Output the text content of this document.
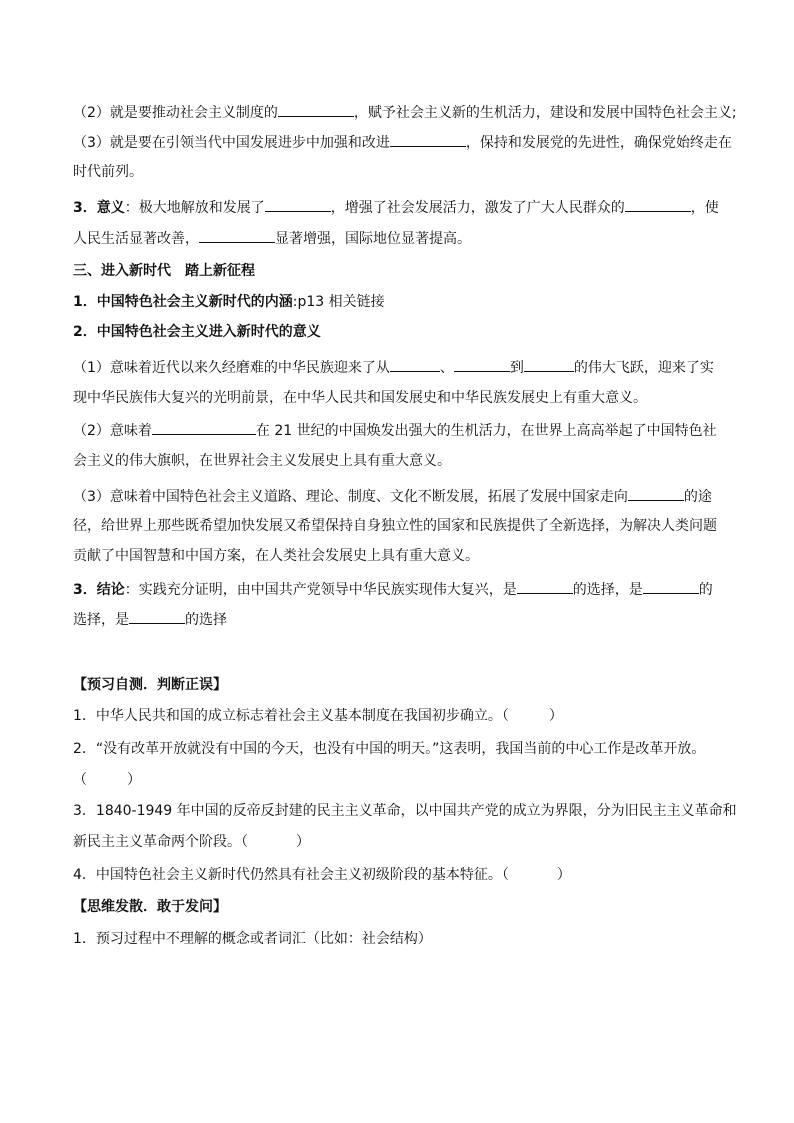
（2）就是要推动社会主义制度的	，赋予社会主义新的生机活力，建设和发展中国特色社会主义;
（3）就是要在引领当代中国发展进步中加强和改进	，保持和发展党的先进性，确保党始终走在
时代前列。
3．意义：极大地解放和发展了	，增强了社会发展活力，激发了广大人民群众的	，使
人民生活显著改善，	显著增强，国际地位显著提高。
三、进入新时代　踏上新征程
1．中国特色社会主义新时代的内涵:p13 相关链接
2．中国特色社会主义进入新时代的意义
（1）意味着近代以来久经磨难的中华民族迎来了从	、	到	的伟大飞跃，迎来了实
现中华民族伟大复兴的光明前景，在中华人民共和国发展史和中华民族发展史上有重大意义。
（2）意味着	在 21 世纪的中国焕发出强大的生机活力，在世界上高高举起了中国特色社
会主义的伟大旗帜，在世界社会主义发展史上具有重大意义。
（3）意味着中国特色社会主义道路、理论、制度、文化不断发展，拓展了发展中国家走向	的途
径，给世界上那些既希望加快发展又希望保持自身独立性的国家和民族提供了全新选择，为解决人类问题
贡献了中国智慧和中国方案，在人类社会发展史上具有重大意义。
3．结论：实践充分证明，由中国共产党领导中华民族实现伟大复兴，是	的选择，是	的
选择，是	的选择
【预习自测．判断正误】
1．中华人民共和国的成立标志着社会主义基本制度在我国初步确立。（	）
2．“没有改革开放就没有中国的今天，也没有中国的明天。”这表明，我国当前的中心工作是改革开放。
（	）
3．1840-1949 年中国的反帝反封建的民主主义革命，以中国共产党的成立为界限，分为旧民主主义革命和
新民主主义革命两个阶段。（	）
4．中国特色社会主义新时代仍然具有社会主义初级阶段的基本特征。（	）
【思维发散．敢于发问】
1．预习过程中不理解的概念或者词汇（比如：社会结构）
